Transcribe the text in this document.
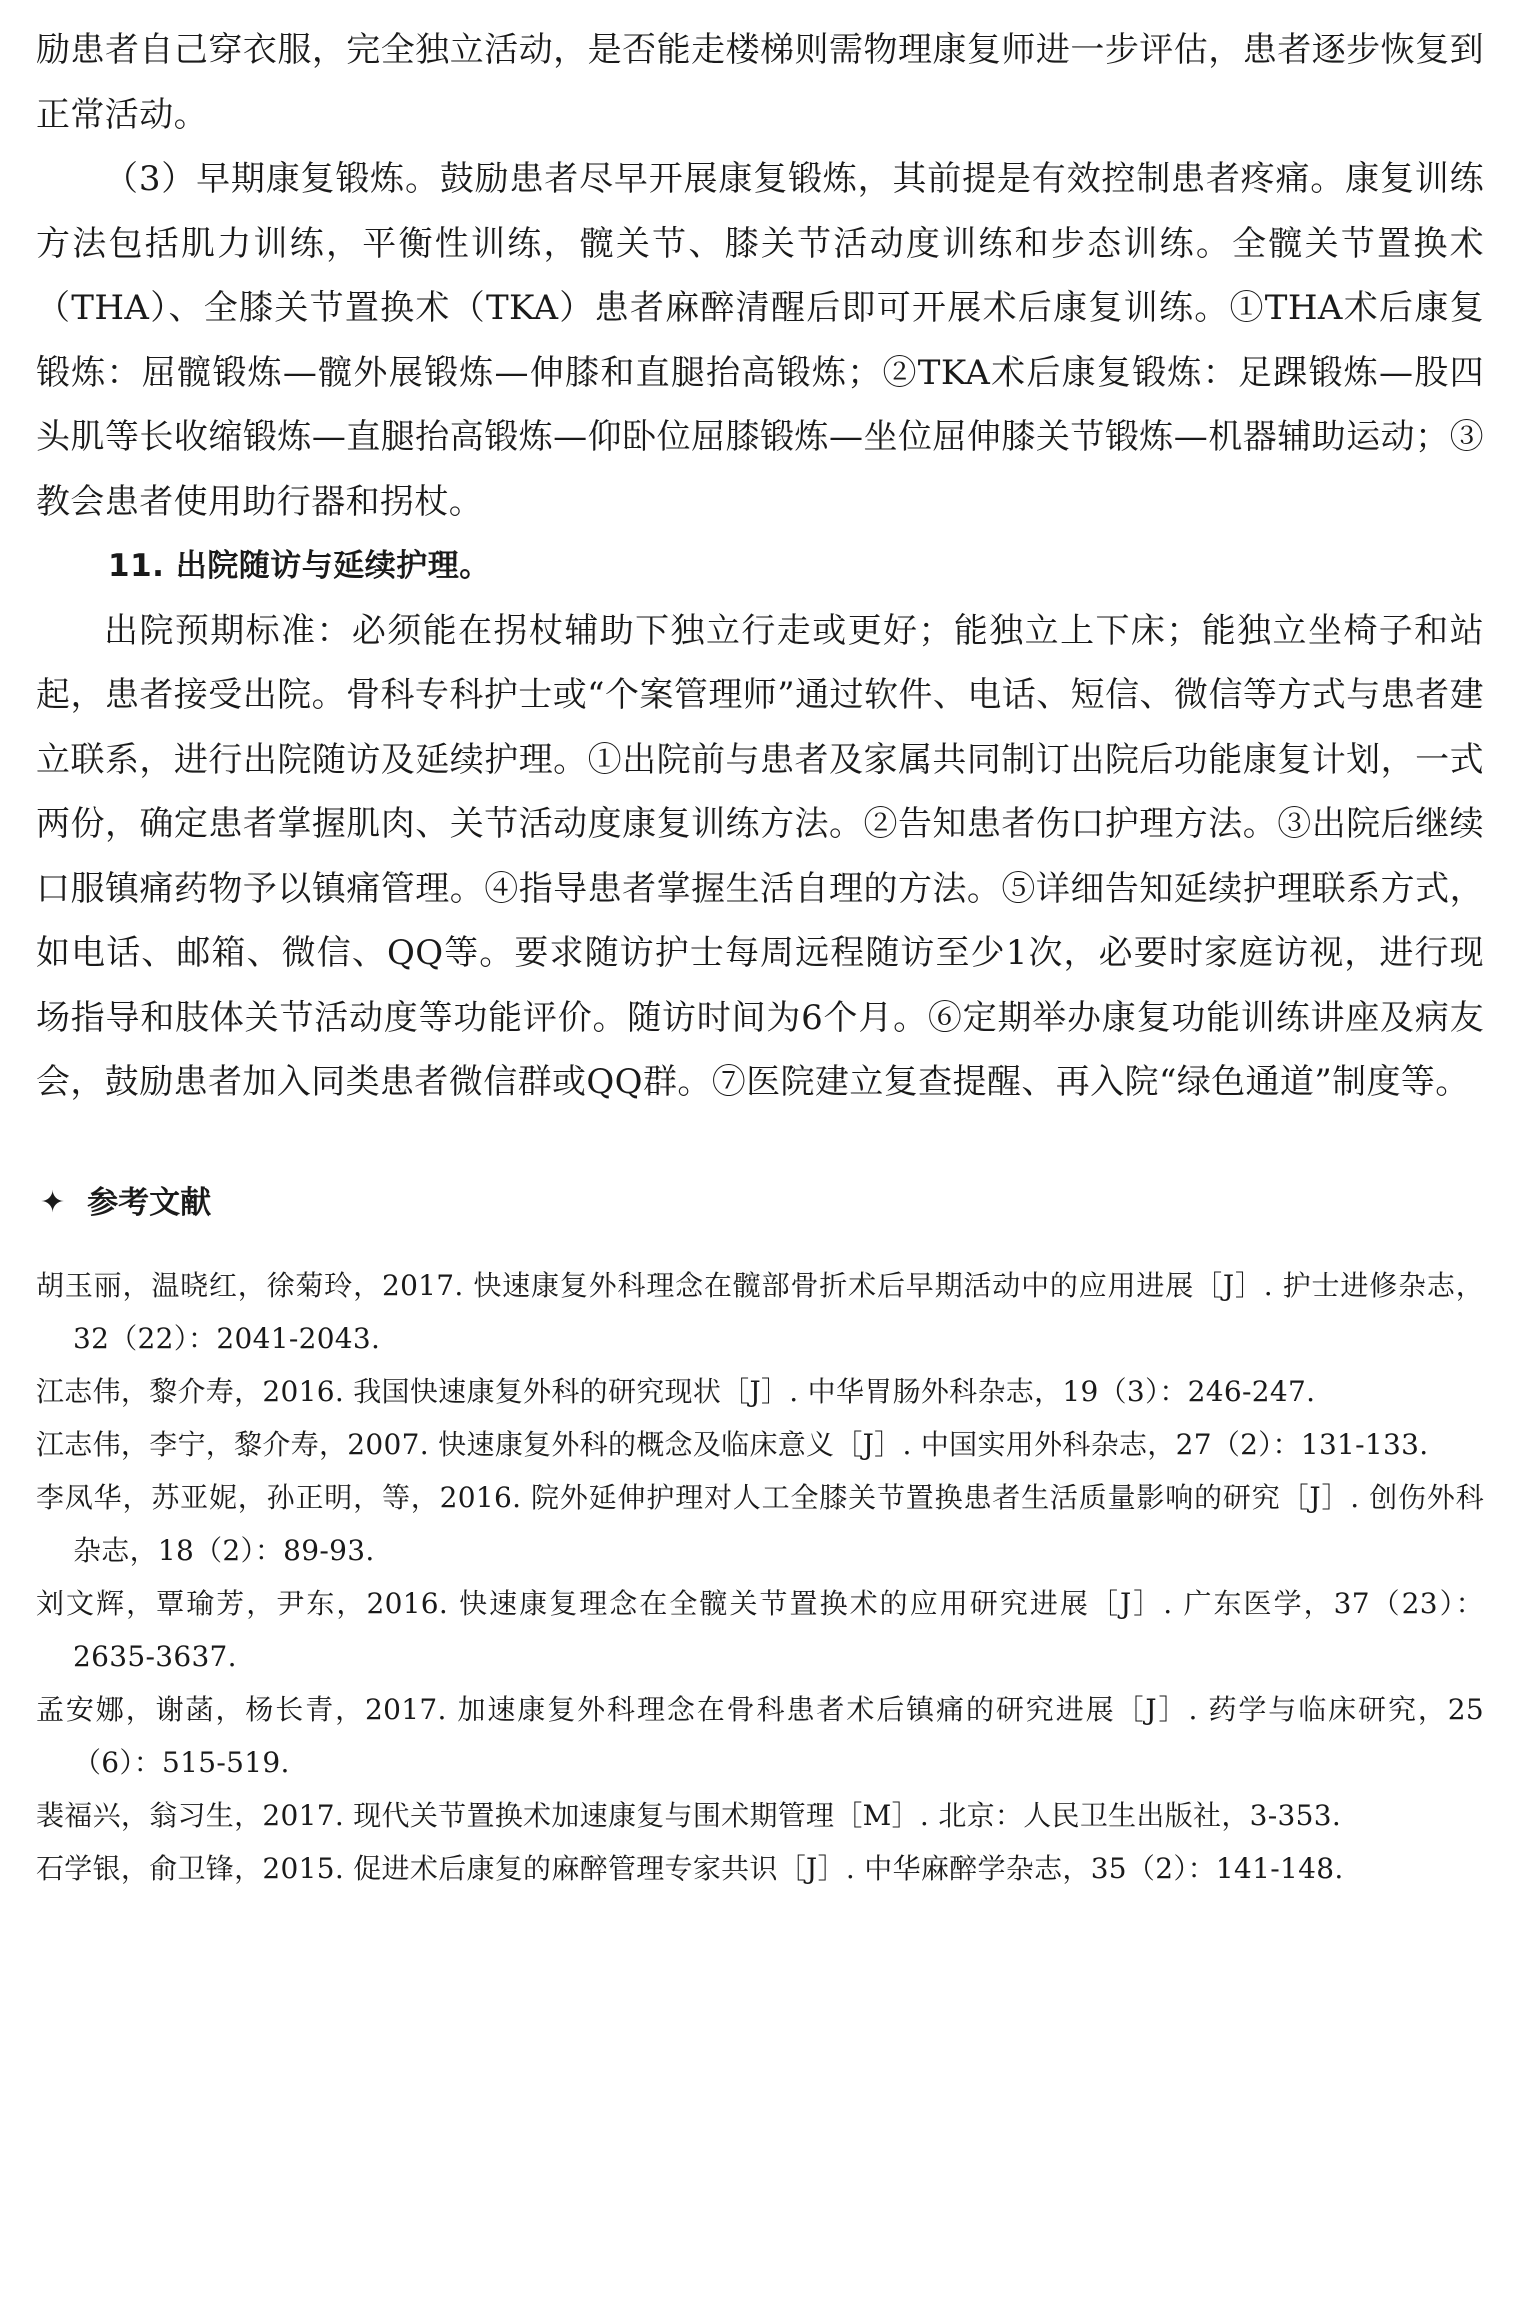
励患者自己穿衣服，完全独立活动，是否能走楼梯则需物理康复师进一步评估，患者逐步恢复到正常活动。

（3）早期康复锻炼。鼓励患者尽早开展康复锻炼，其前提是有效控制患者疼痛。康复训练方法包括肌力训练，平衡性训练，髋关节、膝关节活动度训练和步态训练。全髋关节置换术（THA）、全膝关节置换术（TKA）患者麻醉清醒后即可开展术后康复训练。①THA术后康复锻炼：屈髋锻炼—髋外展锻炼—伸膝和直腿抬高锻炼；②TKA术后康复锻炼：足踝锻炼—股四头肌等长收缩锻炼—直腿抬高锻炼—仰卧位屈膝锻炼—坐位屈伸膝关节锻炼—机器辅助运动；③教会患者使用助行器和拐杖。

11. 出院随访与延续护理。

出院预期标准：必须能在拐杖辅助下独立行走或更好；能独立上下床；能独立坐椅子和站起，患者接受出院。骨科专科护士或“个案管理师”通过软件、电话、短信、微信等方式与患者建立联系，进行出院随访及延续护理。①出院前与患者及家属共同制订出院后功能康复计划，一式两份，确定患者掌握肌肉、关节活动度康复训练方法。②告知患者伤口护理方法。③出院后继续口服镇痛药物予以镇痛管理。④指导患者掌握生活自理的方法。⑤详细告知延续护理联系方式，如电话、邮箱、微信、QQ等。要求随访护士每周远程随访至少1次，必要时家庭访视，进行现场指导和肢体关节活动度等功能评价。随访时间为6个月。⑥定期举办康复功能训练讲座及病友会，鼓励患者加入同类患者微信群或QQ群。⑦医院建立复查提醒、再入院“绿色通道”制度等。

✦ 参考文献
胡玉丽，温晓红，徐菊玲，2017. 快速康复外科理念在髋部骨折术后早期活动中的应用进展［J］. 护士进修杂志，32（22）：2041-2043.
江志伟，黎介寿，2016. 我国快速康复外科的研究现状［J］. 中华胃肠外科杂志，19（3）：246-247.
江志伟，李宁，黎介寿，2007. 快速康复外科的概念及临床意义［J］. 中国实用外科杂志，27（2）：131-133.
李凤华，苏亚妮，孙正明，等，2016. 院外延伸护理对人工全膝关节置换患者生活质量影响的研究［J］. 创伤外科杂志，18（2）：89-93.
刘文辉，覃瑜芳，尹东，2016. 快速康复理念在全髋关节置换术的应用研究进展［J］. 广东医学，37（23）：2635-3637.
孟安娜，谢菡，杨长青，2017. 加速康复外科理念在骨科患者术后镇痛的研究进展［J］. 药学与临床研究，25（6）：515-519.
裴福兴，翁习生，2017. 现代关节置换术加速康复与围术期管理［M］. 北京：人民卫生出版社，3-353.
石学银，俞卫锋，2015. 促进术后康复的麻醉管理专家共识［J］. 中华麻醉学杂志，35（2）：141-148.
